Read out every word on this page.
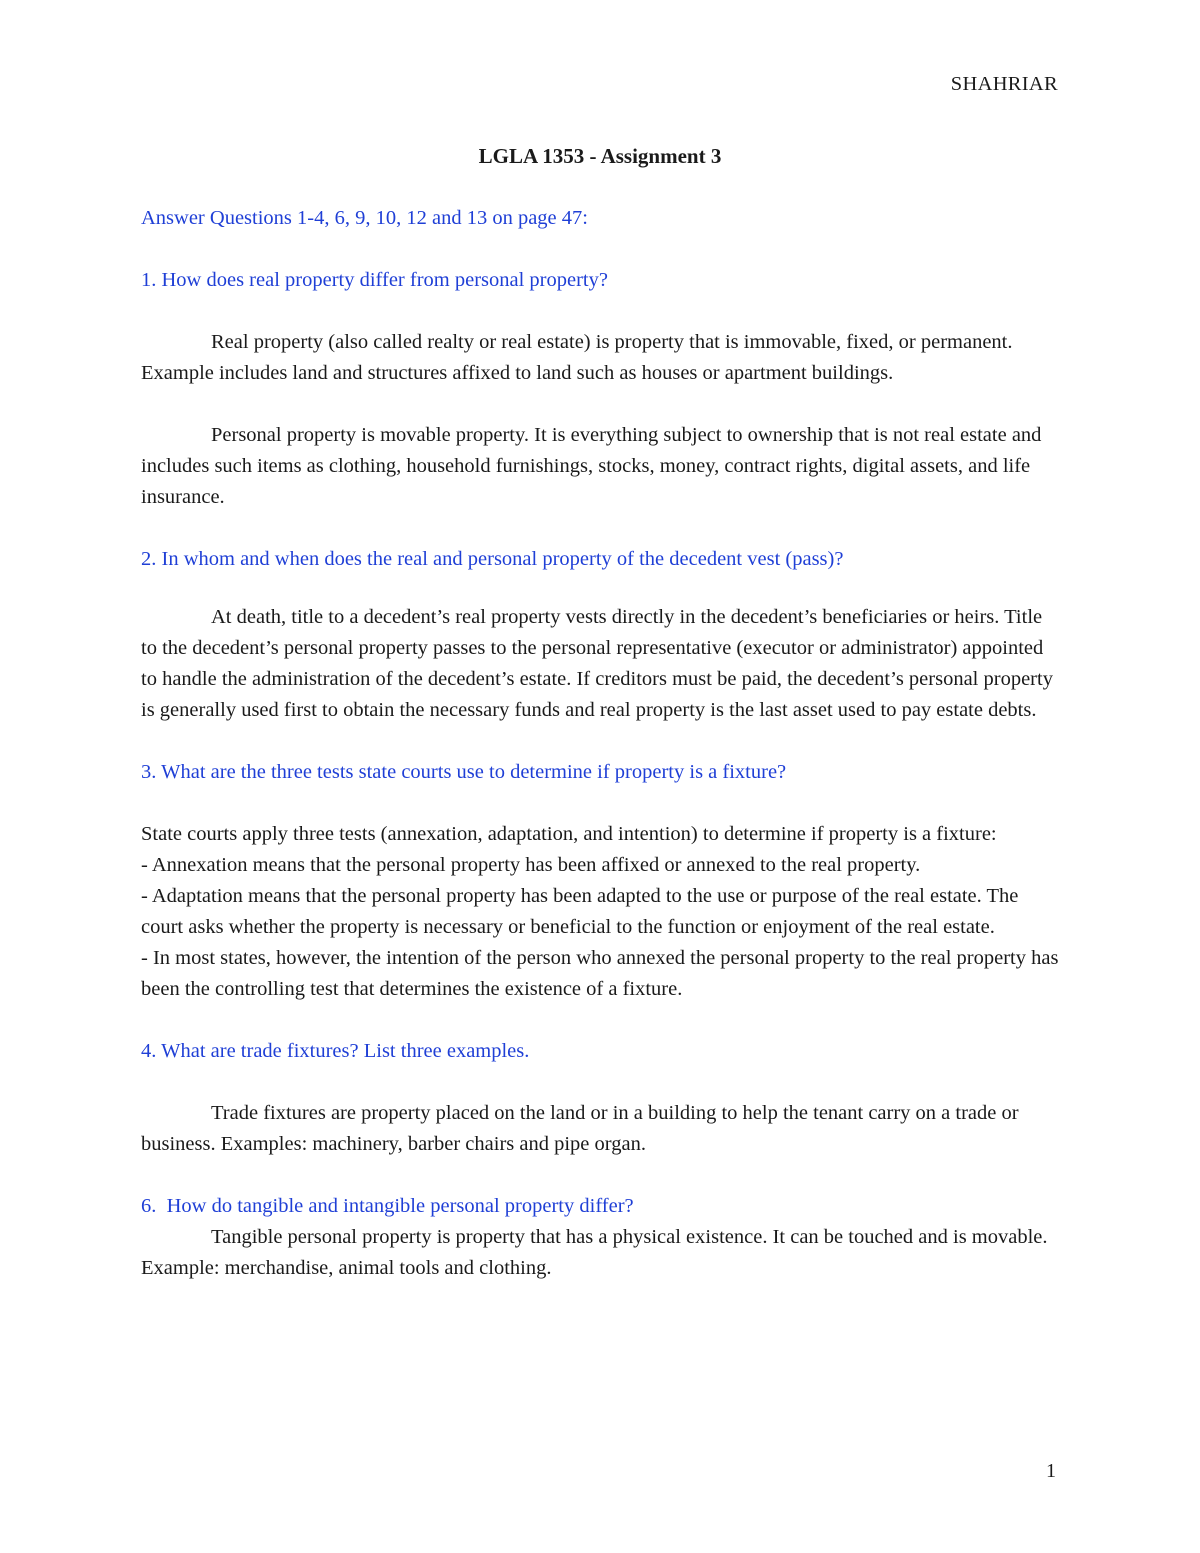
SHAHRIAR
LGLA 1353 - Assignment 3

Answer Questions 1-4, 6, 9, 10, 12 and 13 on page 47:

1. How does real property differ from personal property?

Real property (also called realty or real estate) is property that is immovable, fixed, or permanent. Example includes land and structures affixed to land such as houses or apartment buildings.

Personal property is movable property. It is everything subject to ownership that is not real estate and includes such items as clothing, household furnishings, stocks, money, contract rights, digital assets, and life insurance.

2. In whom and when does the real and personal property of the decedent vest (pass)?

At death, title to a decedent’s real property vests directly in the decedent’s beneficiaries or heirs. Title to the decedent’s personal property passes to the personal representative (executor or administrator) appointed to handle the administration of the decedent’s estate. If creditors must be paid, the decedent’s personal property is generally used first to obtain the necessary funds and real property is the last asset used to pay estate debts.

3. What are the three tests state courts use to determine if property is a fixture?

State courts apply three tests (annexation, adaptation, and intention) to determine if property is a fixture:

- Annexation means that the personal property has been affixed or annexed to the real property.

- Adaptation means that the personal property has been adapted to the use or purpose of the real estate. The court asks whether the property is necessary or beneficial to the function or enjoyment of the real estate.

- In most states, however, the intention of the person who annexed the personal property to the real property has been the controlling test that determines the existence of a fixture.

4. What are trade fixtures? List three examples.

Trade fixtures are property placed on the land or in a building to help the tenant carry on a trade or business. Examples: machinery, barber chairs and pipe organ.

6.  How do tangible and intangible personal property differ?

Tangible personal property is property that has a physical existence. It can be touched and is movable. Example: merchandise, animal tools and clothing.

1
